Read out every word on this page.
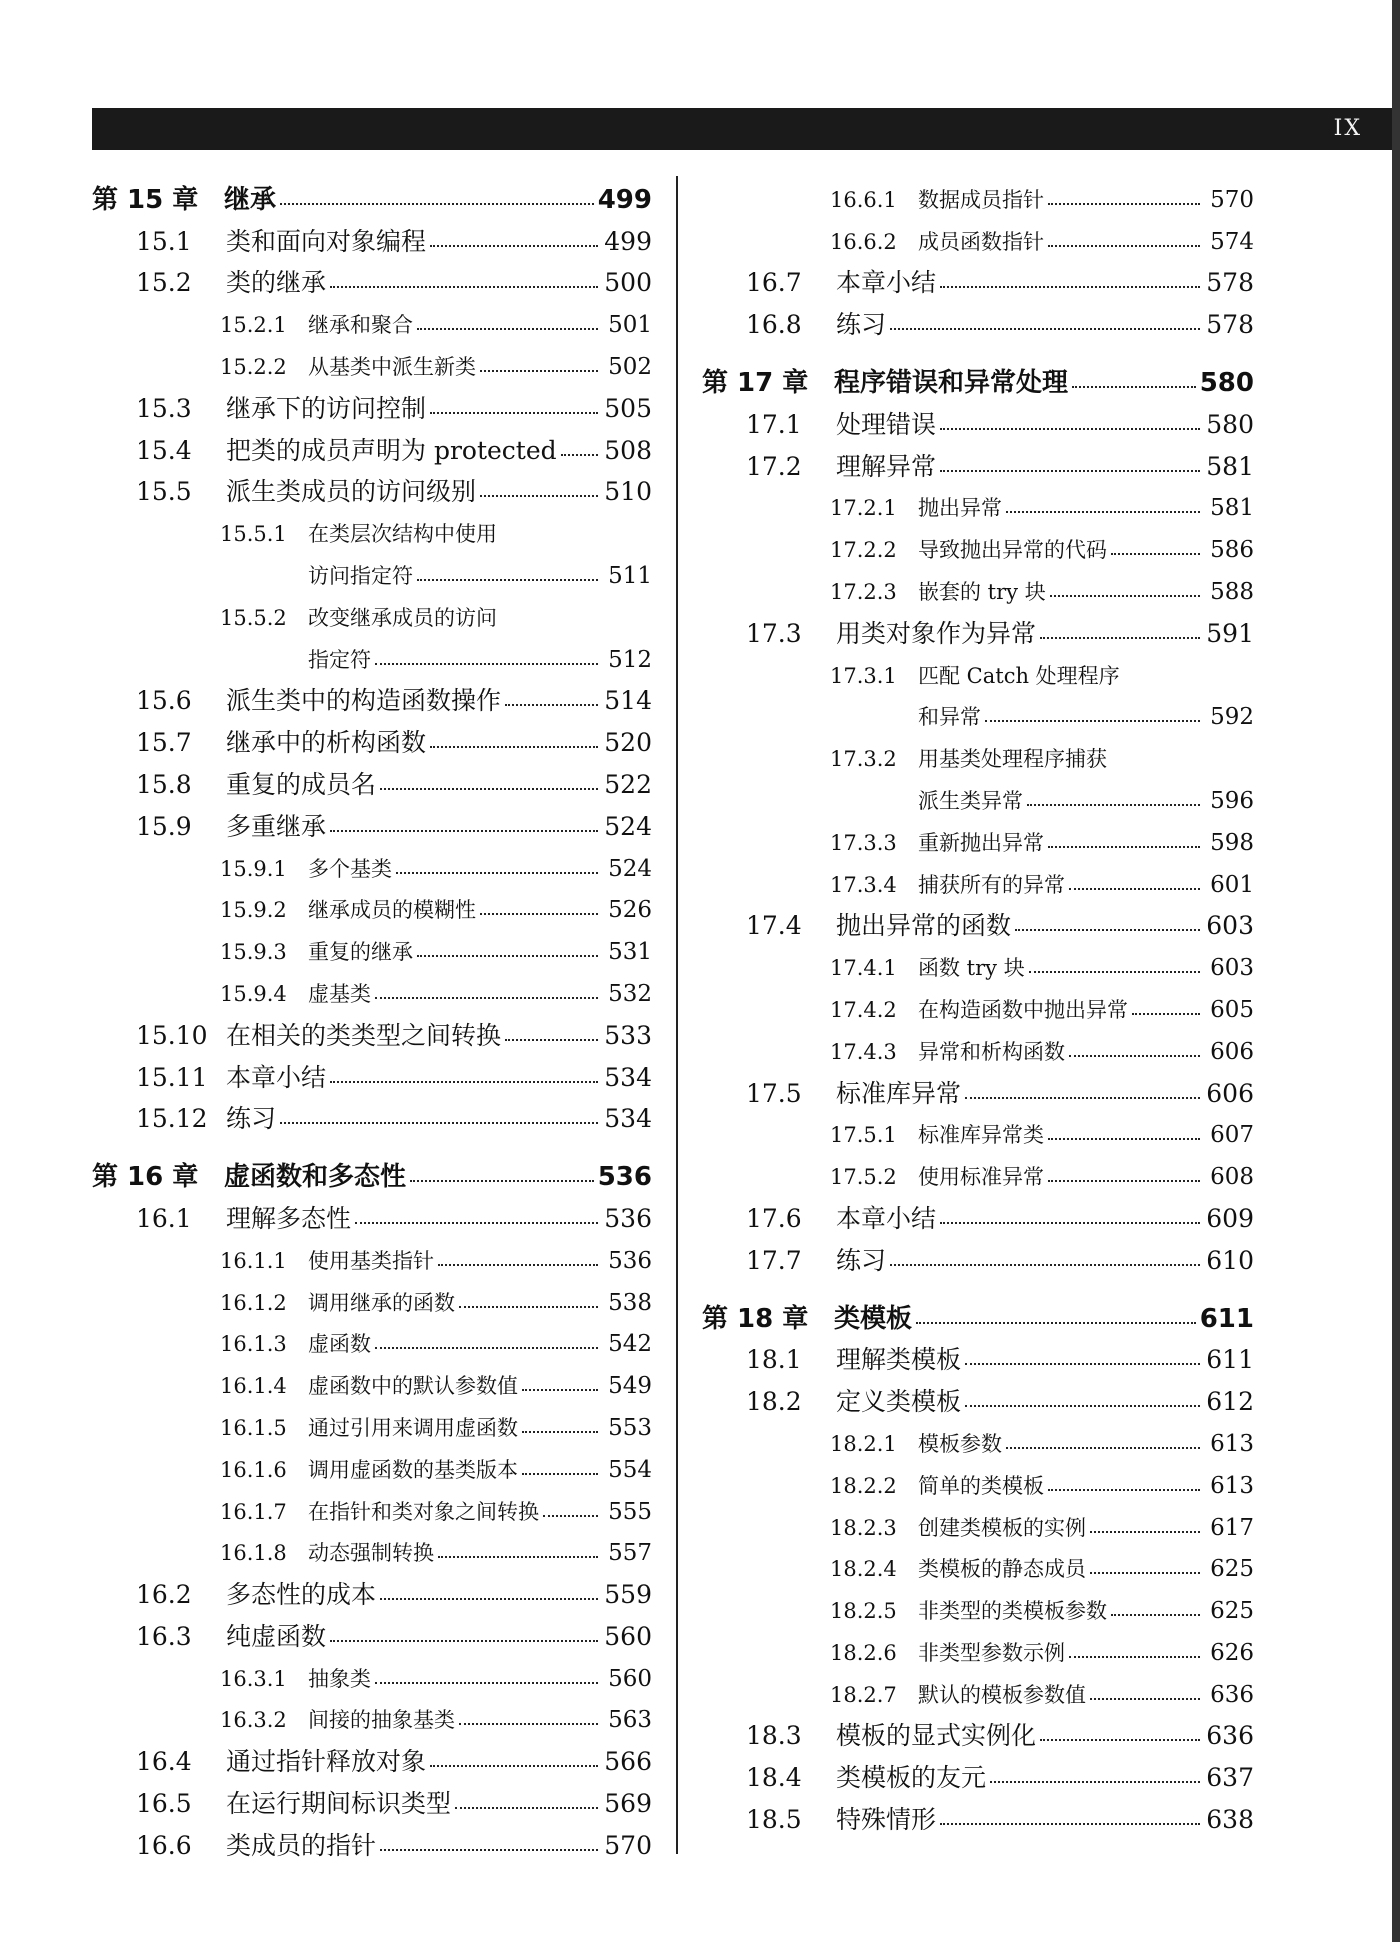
IX
第 15 章 继承	499
15.1	类和面向对象编程	499
15.2	类的继承	500
15.2.1	继承和聚合	501
15.2.2	从基类中派生新类	502
15.3	继承下的访问控制	505
15.4	把类的成员声明为 protected 508
15.5	派生类成员的访问级别	510
15.5.1	在类层次结构中使用
访问指定符	511
15.5.2	改变继承成员的访问
指定符	512
15.6	派生类中的构造函数操作	514
15.7	继承中的析构函数	520
15.8	重复的成员名	522
15.9	多重继承	524
15.9.1	多个基类	524
15.9.2	继承成员的模糊性	526
15.9.3	重复的继承	531
15.9.4	虚基类	532
15.10 在相关的类类型之间转换	533
15.11 本章小结	534
15.12 练习	534
第 16 章 虚函数和多态性	536
16.1	理解多态性	536
16.1.1	使用基类指针	536
16.1.2	调用继承的函数	538
16.1.3	虚函数	542
16.1.4	虚函数中的默认参数值	549
16.1.5	通过引用来调用虚函数	553
16.1.6	调用虚函数的基类版本	554
16.1.7	在指针和类对象之间转换	555
16.1.8	动态强制转换	557
16.2	多态性的成本	559
16.3	纯虚函数	560
16.3.1	抽象类	560
16.3.2	间接的抽象基类	563
16.4	通过指针释放对象	566
16.5	在运行期间标识类型	569
16.6	类成员的指针	570
16.6.1	数据成员指针	570
16.6.2	成员函数指针	574
16.7	本章小结	578
16.8	练习	578
第 17 章 程序错误和异常处理	580
17.1	处理错误	580
17.2	理解异常	581
17.2.1	抛出异常	581
17.2.2	导致抛出异常的代码	586
17.2.3	嵌套的 try 块	588
17.3	用类对象作为异常	591
17.3.1	匹配 Catch 处理程序
和异常	592
17.3.2	用基类处理程序捕获
派生类异常	596
17.3.3	重新抛出异常	598
17.3.4	捕获所有的异常	601
17.4	抛出异常的函数	603
17.4.1	函数 try 块	603
17.4.2	在构造函数中抛出异常	605
17.4.3	异常和析构函数	606
17.5	标准库异常	606
17.5.1	标准库异常类	607
17.5.2	使用标准异常	608
17.6	本章小结	609
17.7	练习	610
第 18 章 类模板	611
18.1	理解类模板	611
18.2	定义类模板	612
18.2.1	模板参数	613
18.2.2	简单的类模板	613
18.2.3	创建类模板的实例	617
18.2.4	类模板的静态成员	625
18.2.5	非类型的类模板参数	625
18.2.6	非类型参数示例	626
18.2.7	默认的模板参数值	636
18.3	模板的显式实例化	636
18.4	类模板的友元	637
18.5	特殊情形	638
